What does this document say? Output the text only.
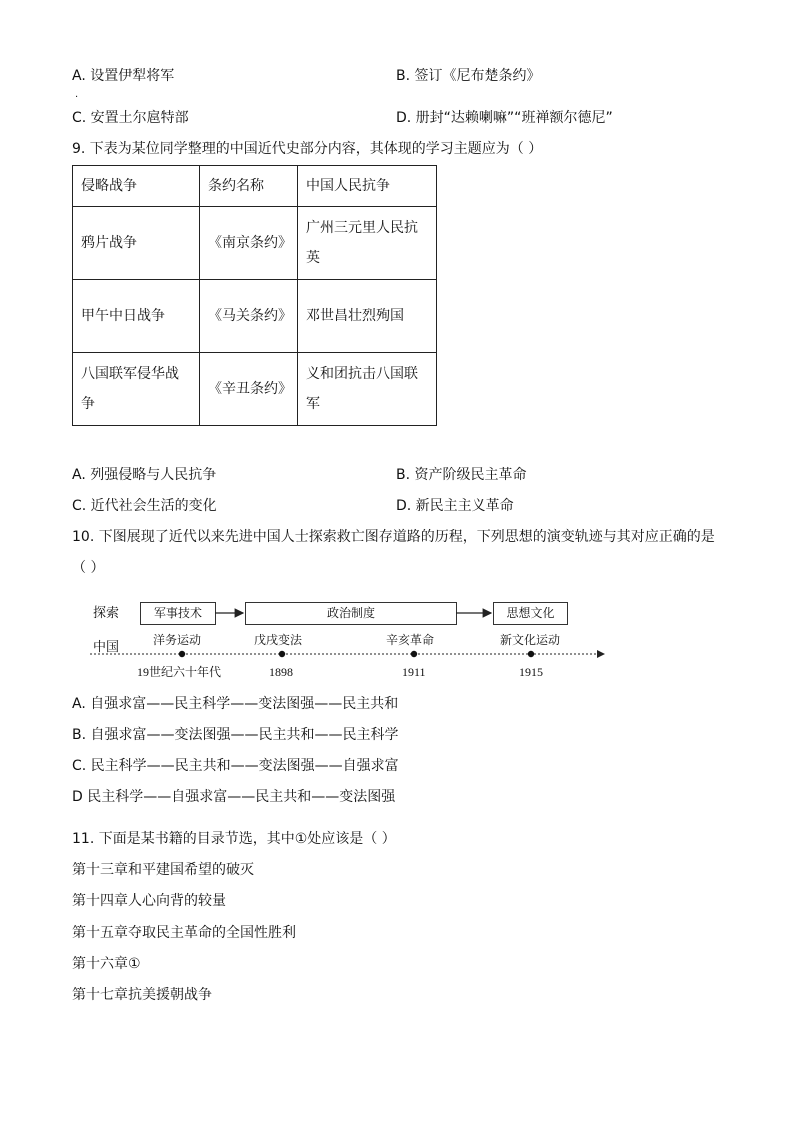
A. 设置伊犁将军	B. 签订《尼布楚条约》
.
C. 安置土尔扈特部	D. 册封“达赖喇嘛”“班禅额尔德尼”
9. 下表为某位同学整理的中国近代史部分内容，其体现的学习主题应为（ ）
侵略战争	条约名称	中国人民抗争
鸦片战争	《南京条约》	广州三元里人民抗英
甲午中日战争	《马关条约》	邓世昌壮烈殉国
八国联军侵华战争	《辛丑条约》	义和团抗击八国联军
A. 列强侵略与人民抗争	B. 资产阶级民主革命
C. 近代社会生活的变化	D. 新民主主义革命
10. 下图展现了近代以来先进中国人士探索救亡图存道路的历程，下列思想的演变轨迹与其对应正确的是
（ ）
探索
中国
军事技术	政治制度	思想文化
洋务运动	戊戌变法	辛亥革命	新文化运动
19世纪六十年代	1898	1911	1915
A. 自强求富——民主科学——变法图强——民主共和
B. 自强求富——变法图强——民主共和——民主科学
C. 民主科学——民主共和——变法图强——自强求富
D 民主科学——自强求富——民主共和——变法图强
11. 下面是某书籍的目录节选，其中①处应该是（ ）
第十三章和平建国希望的破灭
第十四章人心向背的较量
第十五章夺取民主革命的全国性胜利
第十六章①
第十七章抗美援朝战争
